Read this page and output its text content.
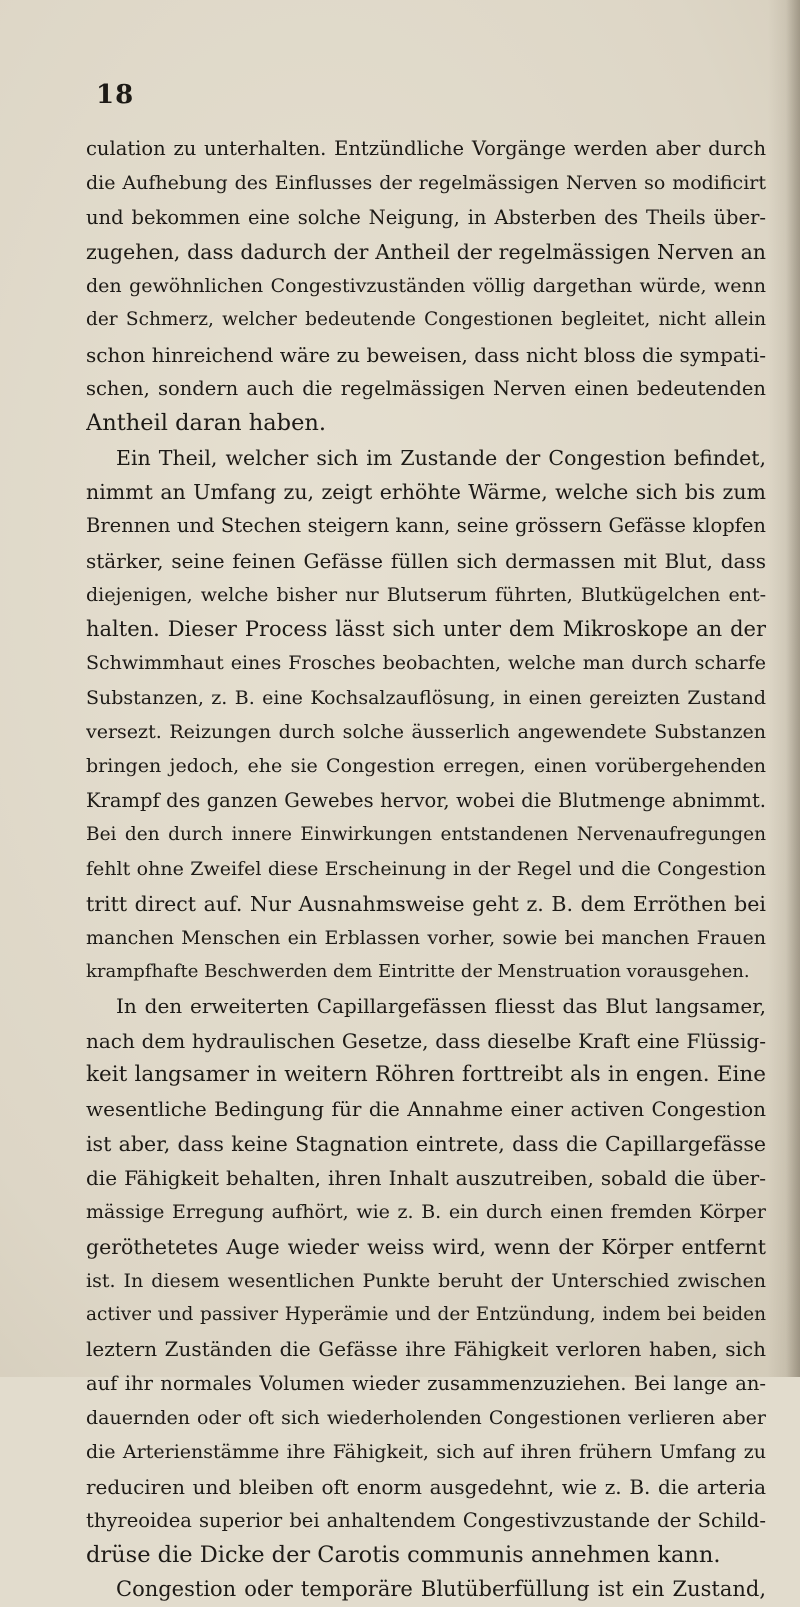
18
culation zu unterhalten. Entzündliche Vorgänge werden aber durch
die Aufhebung des Einflusses der regelmässigen Nerven so modificirt
und bekommen eine solche Neigung, in Absterben des Theils über-
zugehen, dass dadurch der Antheil der regelmässigen Nerven an
den gewöhnlichen Congestivzuständen völlig dargethan würde, wenn
der Schmerz, welcher bedeutende Congestionen begleitet, nicht allein
schon hinreichend wäre zu beweisen, dass nicht bloss die sympati-
schen, sondern auch die regelmässigen Nerven einen bedeutenden
Antheil daran haben.
Ein Theil, welcher sich im Zustande der Congestion befindet,
nimmt an Umfang zu, zeigt erhöhte Wärme, welche sich bis zum
Brennen und Stechen steigern kann, seine grössern Gefässe klopfen
stärker, seine feinen Gefässe füllen sich dermassen mit Blut, dass
diejenigen, welche bisher nur Blutserum führten, Blutkügelchen ent-
halten. Dieser Process lässt sich unter dem Mikroskope an der
Schwimmhaut eines Frosches beobachten, welche man durch scharfe
Substanzen, z. B. eine Kochsalzauflösung, in einen gereizten Zustand
versezt. Reizungen durch solche äusserlich angewendete Substanzen
bringen jedoch, ehe sie Congestion erregen, einen vorübergehenden
Krampf des ganzen Gewebes hervor, wobei die Blutmenge abnimmt.
Bei den durch innere Einwirkungen entstandenen Nervenaufregungen
fehlt ohne Zweifel diese Erscheinung in der Regel und die Congestion
tritt direct auf. Nur Ausnahmsweise geht z. B. dem Erröthen bei
manchen Menschen ein Erblassen vorher, sowie bei manchen Frauen
krampfhafte Beschwerden dem Eintritte der Menstruation vorausgehen.
In den erweiterten Capillargefässen fliesst das Blut langsamer,
nach dem hydraulischen Gesetze, dass dieselbe Kraft eine Flüssig-
keit langsamer in weitern Röhren forttreibt als in engen. Eine
wesentliche Bedingung für die Annahme einer activen Congestion
ist aber, dass keine Stagnation eintrete, dass die Capillargefässe
die Fähigkeit behalten, ihren Inhalt auszutreiben, sobald die über-
mässige Erregung aufhört, wie z. B. ein durch einen fremden Körper
geröthetetes Auge wieder weiss wird, wenn der Körper entfernt
ist. In diesem wesentlichen Punkte beruht der Unterschied zwischen
activer und passiver Hyperämie und der Entzündung, indem bei beiden
leztern Zuständen die Gefässe ihre Fähigkeit verloren haben, sich
auf ihr normales Volumen wieder zusammenzuziehen. Bei lange an-
dauernden oder oft sich wiederholenden Congestionen verlieren aber
die Arterienstämme ihre Fähigkeit, sich auf ihren frühern Umfang zu
reduciren und bleiben oft enorm ausgedehnt, wie z. B. die arteria
thyreoidea superior bei anhaltendem Congestivzustande der Schild-
drüse die Dicke der Carotis communis annehmen kann.
Congestion oder temporäre Blutüberfüllung ist ein Zustand,
